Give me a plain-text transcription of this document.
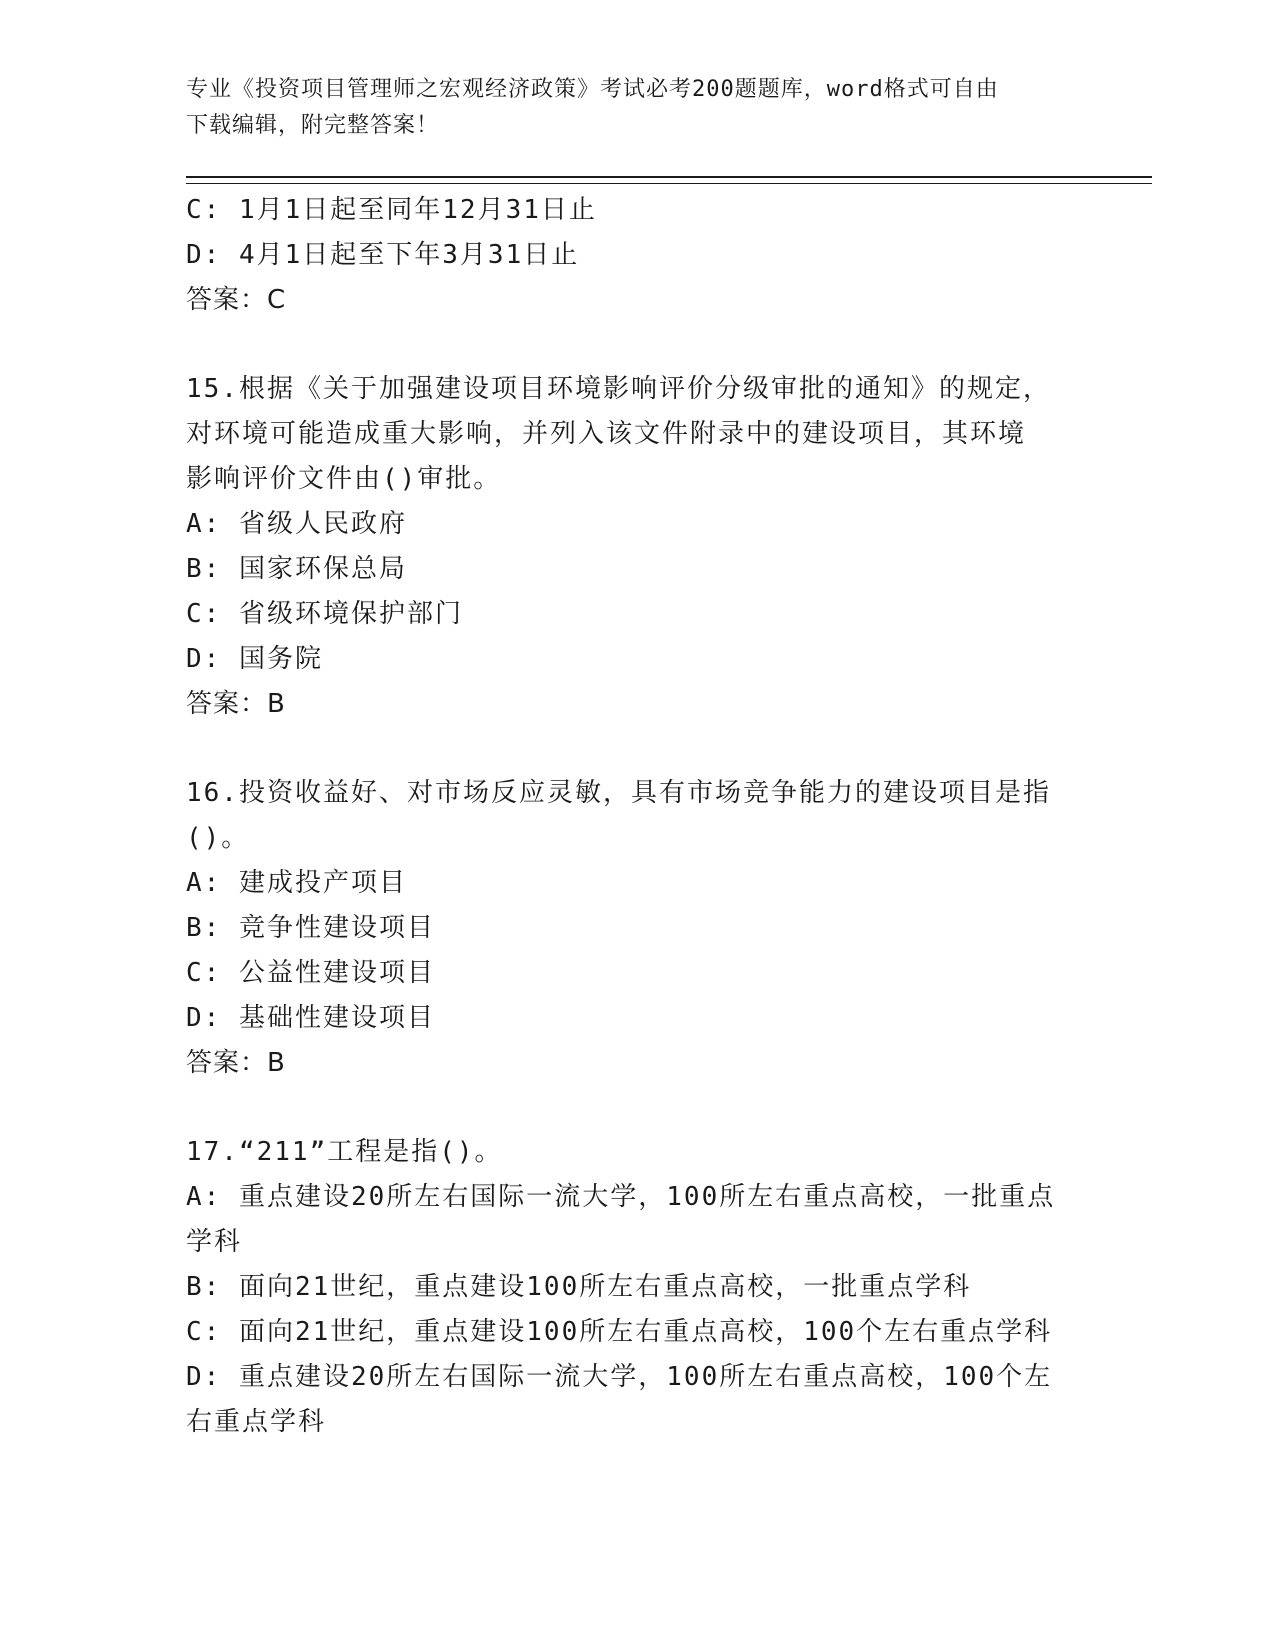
专业《投资项目管理师之宏观经济政策》考试必考200题题库，word格式可自由
下载编辑，附完整答案！
C: 1月1日起至同年12月31日止
D: 4月1日起至下年3月31日止
答案：C
15.根据《关于加强建设项目环境影响评价分级审批的通知》的规定，
对环境可能造成重大影响，并列入该文件附录中的建设项目，其环境
影响评价文件由()审批。
A: 省级人民政府
B: 国家环保总局
C: 省级环境保护部门
D: 国务院
答案：B
16.投资收益好、对市场反应灵敏，具有市场竞争能力的建设项目是指
()。
A: 建成投产项目
B: 竞争性建设项目
C: 公益性建设项目
D: 基础性建设项目
答案：B
17.“211”工程是指()。
A: 重点建设20所左右国际一流大学，100所左右重点高校，一批重点
学科
B: 面向21世纪，重点建设100所左右重点高校，一批重点学科
C: 面向21世纪，重点建设100所左右重点高校，100个左右重点学科
D: 重点建设20所左右国际一流大学，100所左右重点高校，100个左
右重点学科
